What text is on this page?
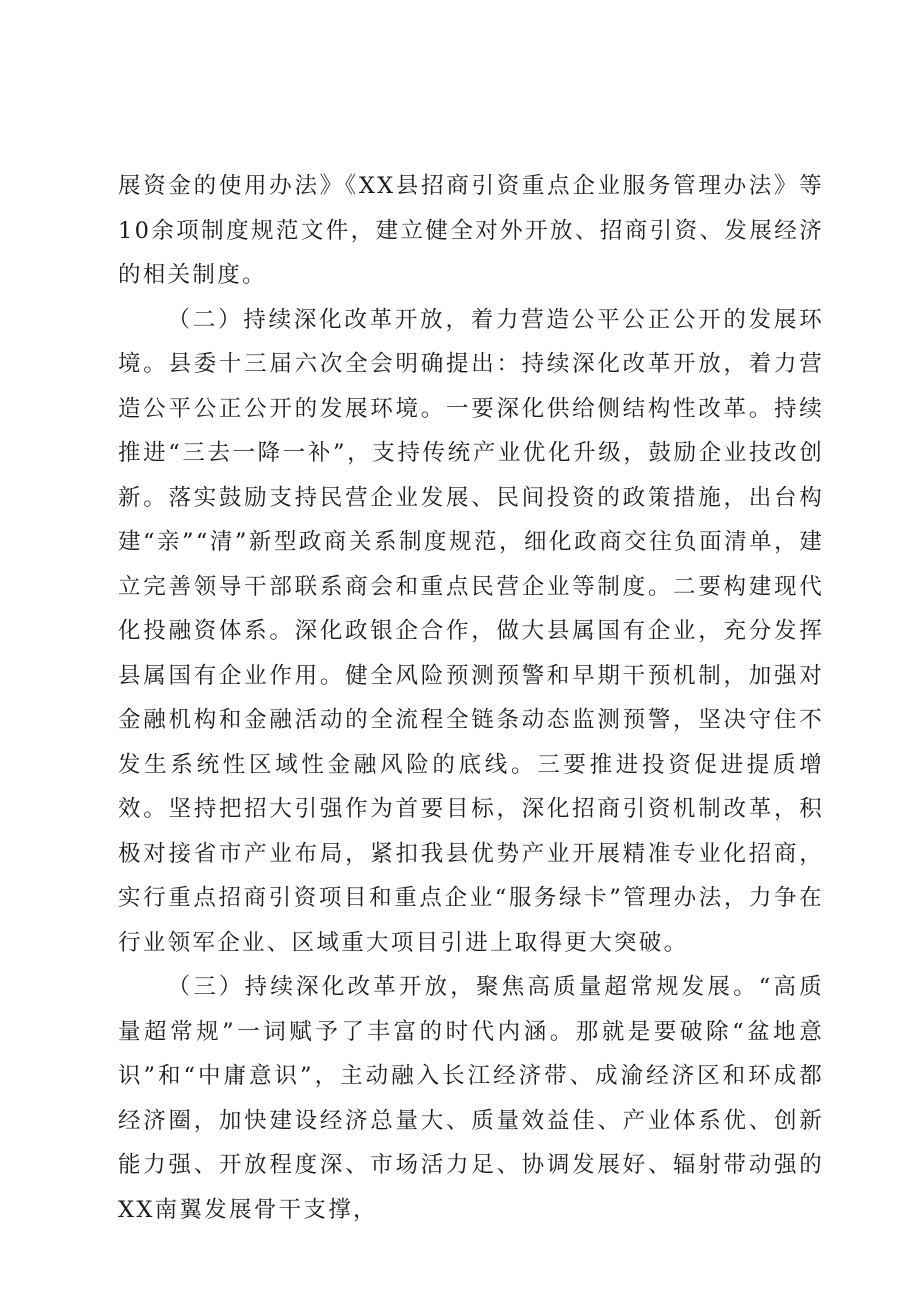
展资金的使用办法》《XX县招商引资重点企业服务管理办法》等10余项制度规范文件，建立健全对外开放、招商引资、发展经济的相关制度。

（二）持续深化改革开放，着力营造公平公正公开的发展环境。县委十三届六次全会明确提出：持续深化改革开放，着力营造公平公正公开的发展环境。一要深化供给侧结构性改革。持续推进“三去一降一补”，支持传统产业优化升级，鼓励企业技改创新。落实鼓励支持民营企业发展、民间投资的政策措施，出台构建“亲”“清”新型政商关系制度规范，细化政商交往负面清单，建立完善领导干部联系商会和重点民营企业等制度。二要构建现代化投融资体系。深化政银企合作，做大县属国有企业，充分发挥县属国有企业作用。健全风险预测预警和早期干预机制，加强对金融机构和金融活动的全流程全链条动态监测预警，坚决守住不发生系统性区域性金融风险的底线。三要推进投资促进提质增效。坚持把招大引强作为首要目标，深化招商引资机制改革，积极对接省市产业布局，紧扣我县优势产业开展精准专业化招商，实行重点招商引资项目和重点企业“服务绿卡”管理办法，力争在行业领军企业、区域重大项目引进上取得更大突破。

（三）持续深化改革开放，聚焦高质量超常规发展。“高质量超常规”一词赋予了丰富的时代内涵。那就是要破除“盆地意识”和“中庸意识”，主动融入长江经济带、成渝经济区和环成都经济圈，加快建设经济总量大、质量效益佳、产业体系优、创新能力强、开放程度深、市场活力足、协调发展好、辐射带动强的XX南翼发展骨干支撑，
